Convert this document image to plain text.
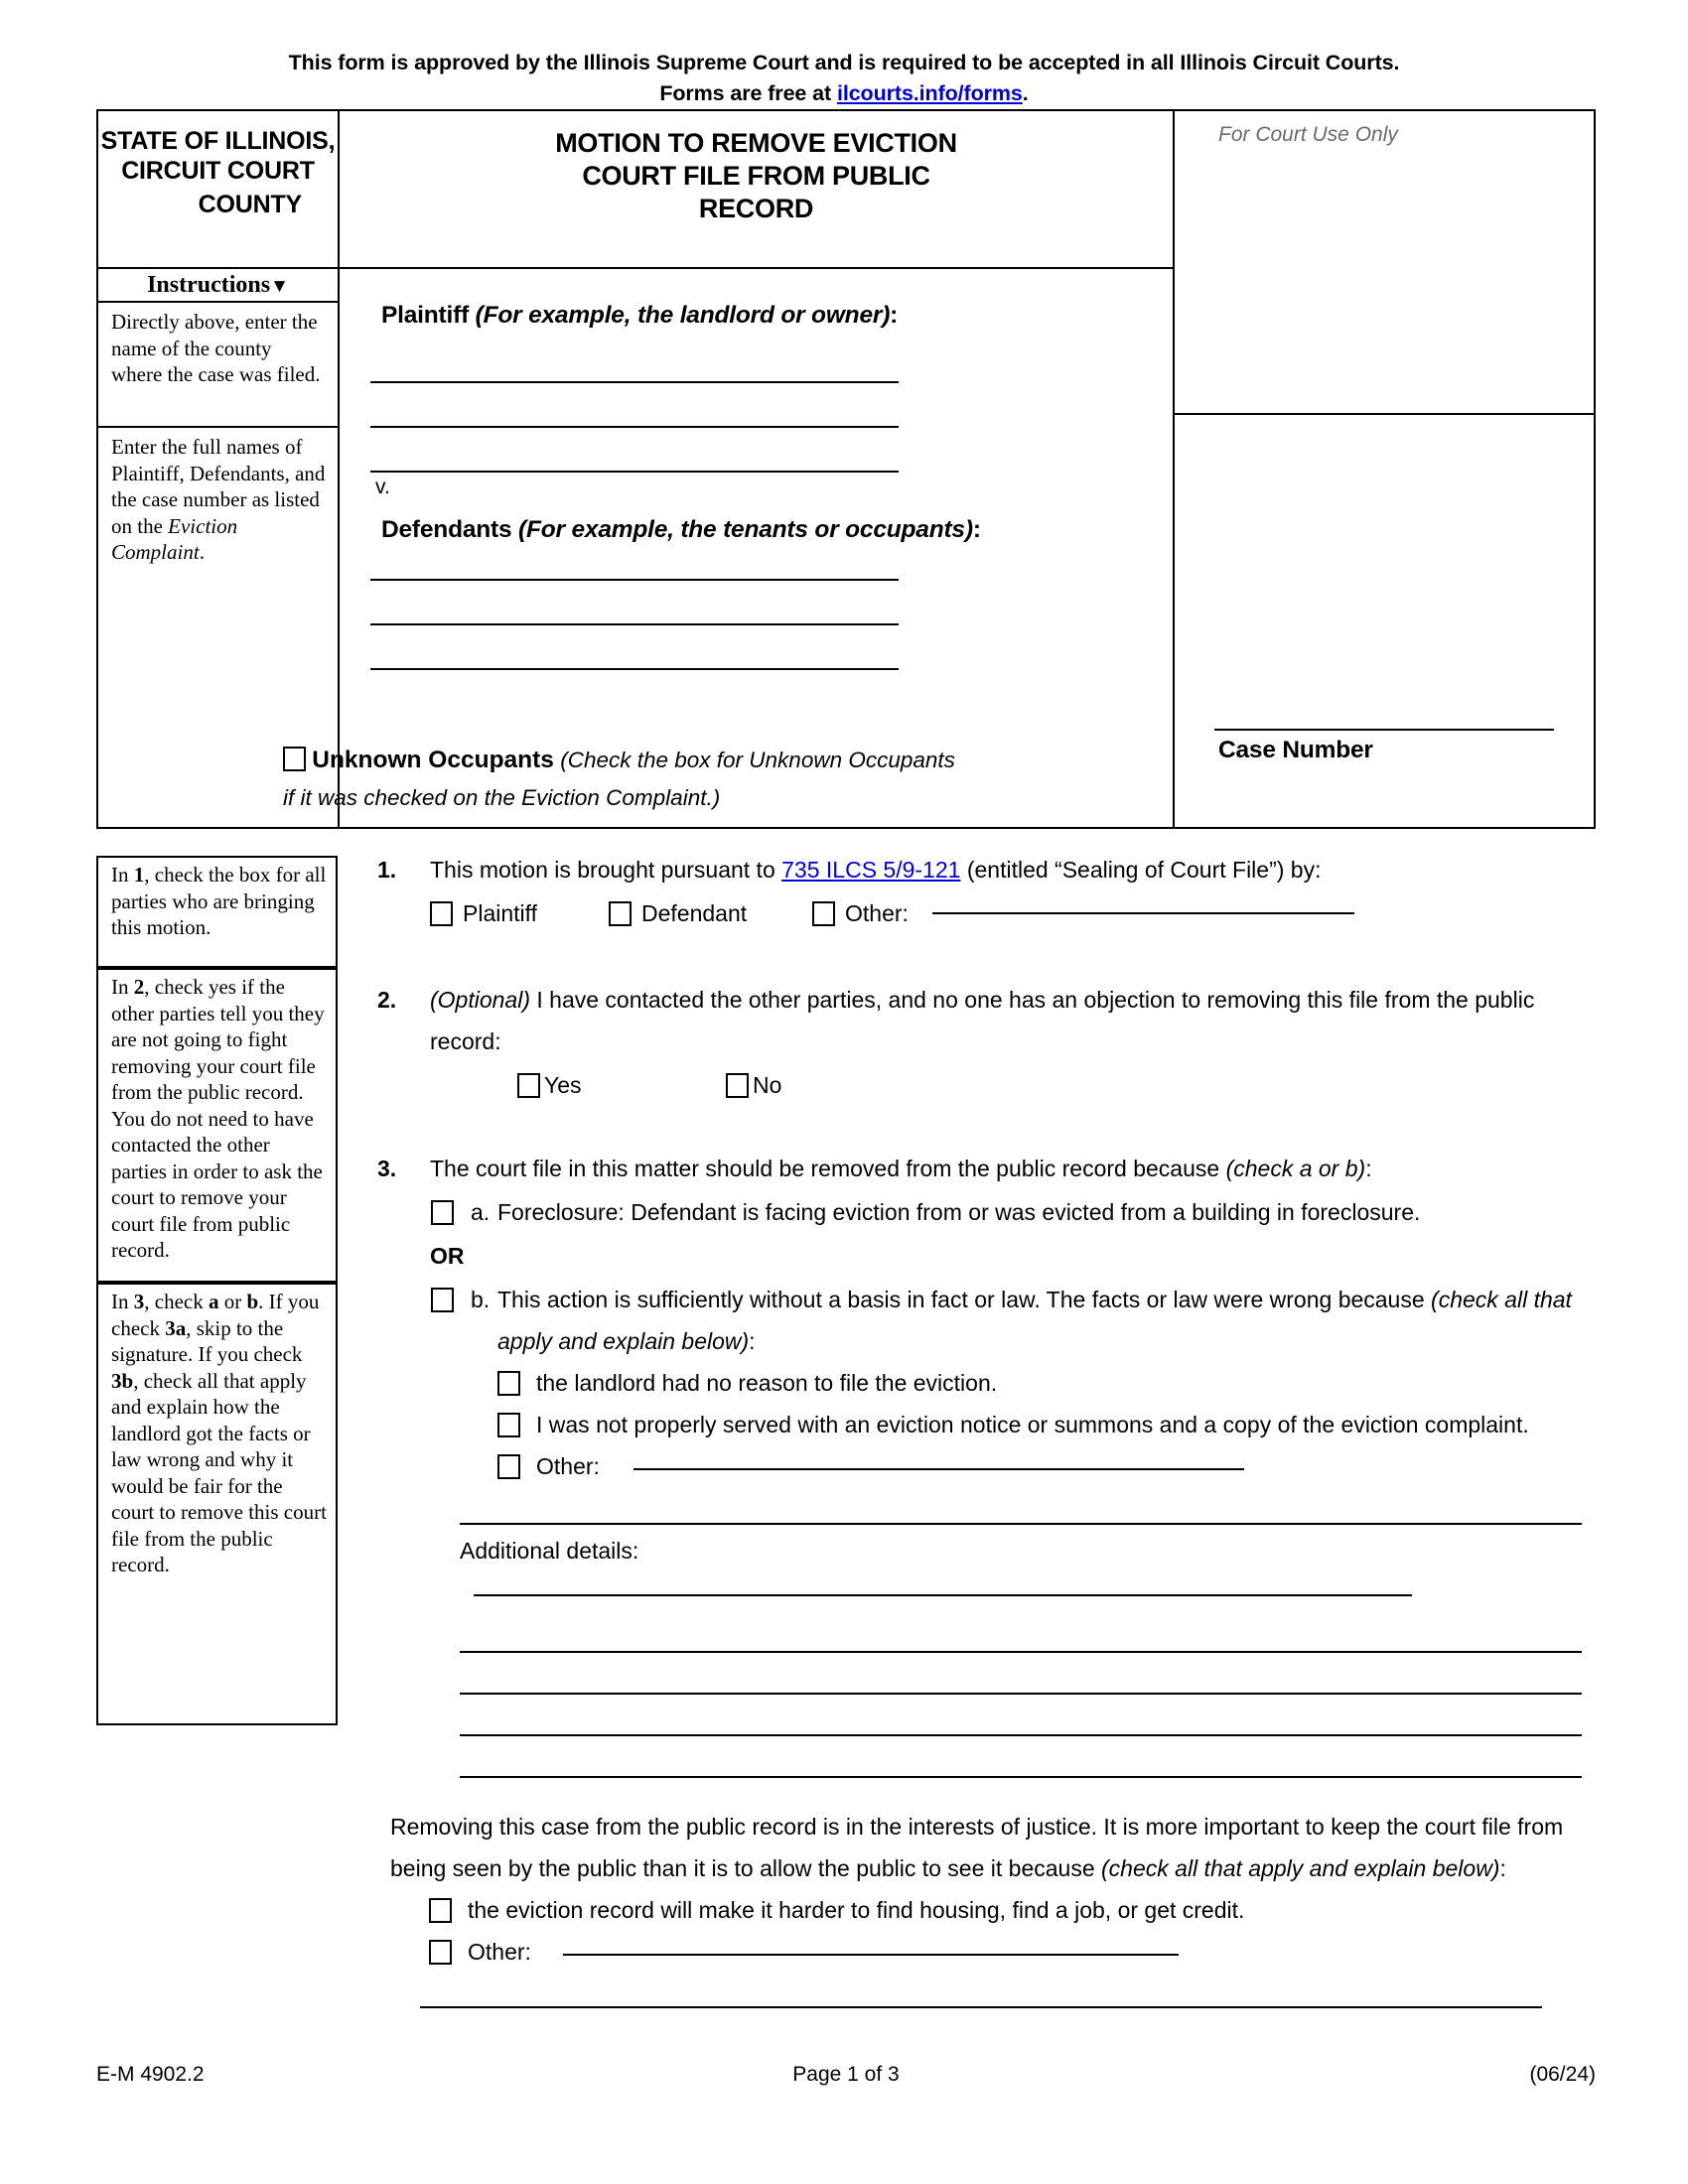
This form is approved by the Illinois Supreme Court and is required to be accepted in all Illinois Circuit Courts.
Forms are free at ilcourts.info/forms.
STATE OF ILLINOIS,
CIRCUIT COURT
COUNTY
Instructions▼
Directly above, enter the name of the county where the case was filed.
Enter the full names of Plaintiff, Defendants, and the case number as listed on the Eviction Complaint.
MOTION TO REMOVE EVICTION
COURT FILE FROM PUBLIC
RECORD
Plaintiff (For example, the landlord or owner):
v.
Defendants (For example, the tenants or occupants):
For Court Use Only
Case Number
Unknown Occupants (Check the box for Unknown Occupants if it was checked on the Eviction Complaint.)
In 1, check the box for all parties who are bringing this motion.
In 2, check yes if the other parties tell you they are not going to fight removing your court file from the public record. You do not need to have contacted the other parties in order to ask the court to remove your court file from public record.
In 3, check a or b. If you check 3a, skip to the signature. If you check 3b, check all that apply and explain how the landlord got the facts or law wrong and why it would be fair for the court to remove this court file from the public record.
1. This motion is brought pursuant to 735 ILCS 5/9-121 (entitled “Sealing of Court File”) by:
Plaintiff	Defendant	Other:
2. (Optional) I have contacted the other parties, and no one has an objection to removing this file from the public record:
Yes	No
3. The court file in this matter should be removed from the public record because (check a or b):
a. Foreclosure: Defendant is facing eviction from or was evicted from a building in foreclosure.
OR
b. This action is sufficiently without a basis in fact or law. The facts or law were wrong because (check all that apply and explain below):
the landlord had no reason to file the eviction.
I was not properly served with an eviction notice or summons and a copy of the eviction complaint.
Other:
Additional details:
Removing this case from the public record is in the interests of justice. It is more important to keep the court file from being seen by the public than it is to allow the public to see it because (check all that apply and explain below):
the eviction record will make it harder to find housing, find a job, or get credit.
Other:
E-M 4902.2	Page 1 of 3	(06/24)
